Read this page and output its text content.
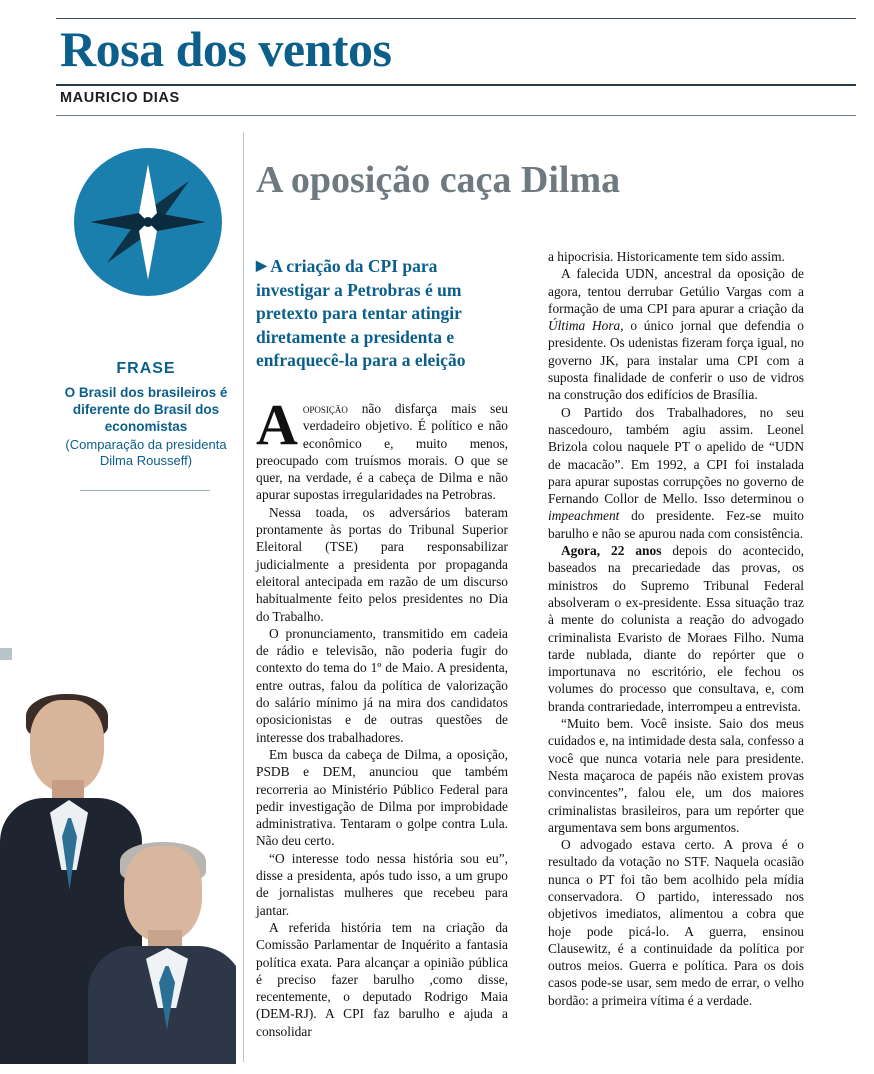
Rosa dos ventos
MAURICIO DIAS
FRASE
O Brasil dos brasileiros é diferente do Brasil dos economistas
(Comparação da presidenta Dilma Rousseff)
A oposição caça Dilma
▶ A criação da CPI para investigar a Petrobras é um pretexto para tentar atingir diretamente a presidenta e enfraquecê-la para a eleição

Aoposição não disfarça mais seu verdadeiro objetivo. É político e não econômico e, muito menos, preocupado com truísmos morais. O que se quer, na verdade, é a cabeça de Dilma e não apurar supostas irregularidades na Petrobras.

Nessa toada, os adversários bateram prontamente às portas do Tribunal Superior Eleitoral (TSE) para responsabilizar judicialmente a presidenta por propaganda eleitoral antecipada em razão de um discurso habitualmente feito pelos presidentes no Dia do Trabalho.

O pronunciamento, transmitido em cadeia de rádio e televisão, não poderia fugir do contexto do tema do 1º de Maio. A presidenta, entre outras, falou da política de valorização do salário mínimo já na mira dos candidatos oposicionistas e de outras questões de interesse dos trabalhadores.

Em busca da cabeça de Dilma, a oposição, PSDB e DEM, anunciou que também recorreria ao Ministério Público Federal para pedir investigação de Dilma por improbidade administrativa. Tentaram o golpe contra Lula. Não deu certo.

“O interesse todo nessa história sou eu”, disse a presidenta, após tudo isso, a um grupo de jornalistas mulheres que recebeu para jantar.

A referida história tem na criação da Comissão Parlamentar de Inquérito a fantasia política exata. Para alcançar a opinião pública é preciso fazer barulho ,como disse, recentemente, o deputado Rodrigo Maia (DEM-RJ). A CPI faz barulho e ajuda a consolidar

a hipocrisia. Historicamente tem sido assim.

A falecida UDN, ancestral da oposição de agora, tentou derrubar Getúlio Vargas com a formação de uma CPI para apurar a criação da Última Hora, o único jornal que defendia o presidente. Os udenistas fizeram força igual, no governo JK, para instalar uma CPI com a suposta finalidade de conferir o uso de vidros na construção dos edifícios de Brasília.

O Partido dos Trabalhadores, no seu nascedouro, também agiu assim. Leonel Brizola colou naquele PT o apelido de “UDN de macacão”. Em 1992, a CPI foi instalada para apurar supostas corrupções no governo de Fernando Collor de Mello. Isso determinou o impeachment do presidente. Fez-se muito barulho e não se apurou nada com consistência.

Agora, 22 anos depois do acontecido, baseados na precariedade das provas, os ministros do Supremo Tribunal Federal absolveram o ex-presidente. Essa situação traz à mente do colunista a reação do advogado criminalista Evaristo de Moraes Filho. Numa tarde nublada, diante do repórter que o importunava no escritório, ele fechou os volumes do processo que consultava, e, com branda contrariedade, interrompeu a entrevista.

“Muito bem. Você insiste. Saio dos meus cuidados e, na intimidade desta sala, confesso a você que nunca votaria nele para presidente. Nesta maçaroca de papéis não existem provas convincentes”, falou ele, um dos maiores criminalistas brasileiros, para um repórter que argumentava sem bons argumentos.

O advogado estava certo. A prova é o resultado da votação no STF. Naquela ocasião nunca o PT foi tão bem acolhido pela mídia conservadora. O partido, interessado nos objetivos imediatos, alimentou a cobra que hoje pode picá-lo. A guerra, ensinou Clausewitz, é a continuidade da política por outros meios. Guerra e política. Para os dois casos pode-se usar, sem medo de errar, o velho bordão: a primeira vítima é a verdade.
